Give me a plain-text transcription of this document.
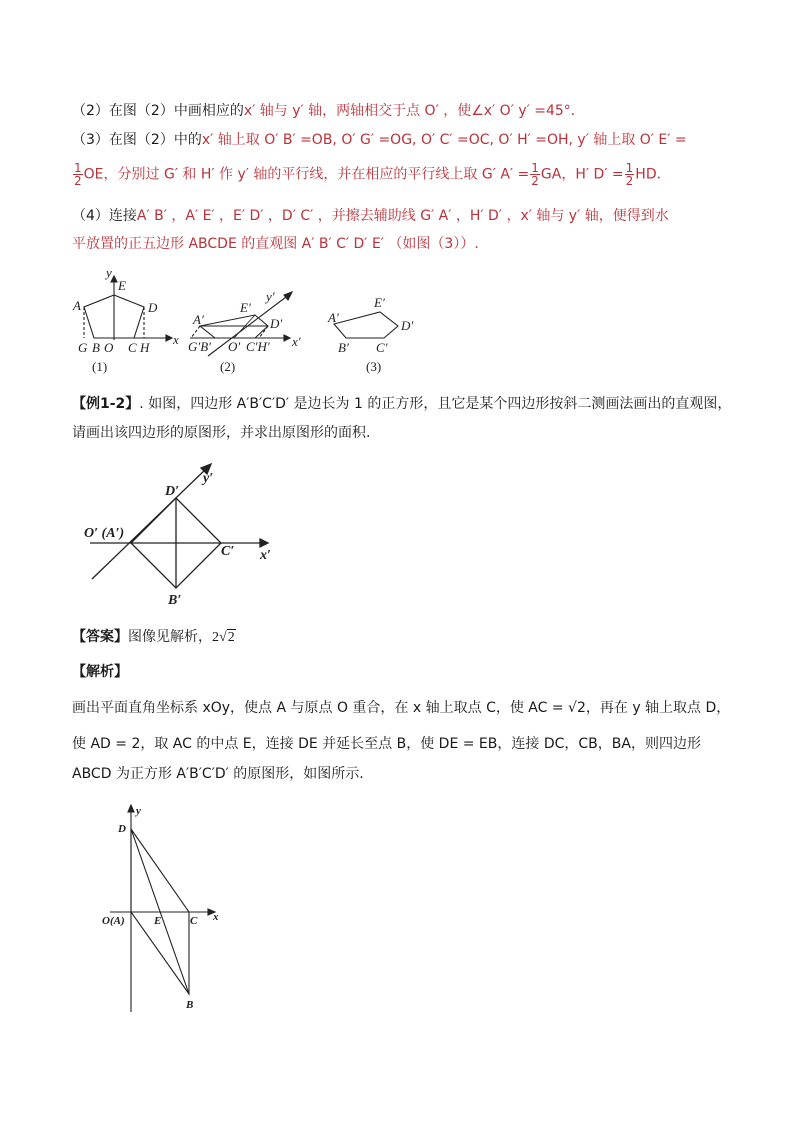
（2）在图（2）中画相应的x′ 轴与 y′ 轴，两轴相交于点 O′ ，使∠x′ O′ y′ =45°．
（3）在图（2）中的x′ 轴上取 O′ B′ =OB, O′ G′ =OG, O′ C′ =OC, O′ H′ =OH, y′ 轴上取 O′ E′ =
$\frac{1}{2}$ OE，分别过 G′ 和 H′ 作 y′ 轴的平行线，并在相应的平行线上取 G′ $A' = \frac{1}{2}$ GA，H′ $D' = \frac{1}{2}$ HD．
（4）连接A′ B′ ，A′ E′ ，E′ D′ ，D′ C′ ，并擦去辅助线 G′ A′ ，H′ D′ ，x′ 轴与 y′ 轴，便得到水
平放置的正五边形 ABCDE 的直观图 A′ B′ C′ D′ E′ （如图（3））.
y
E
A	D
G B O C H
x
(1)	(2)	(3)
E′
y′
A′	D′
G′B′ O′ C′H′ x′
E′
A′
D′
B′ C′
【例1-2】. 如图，四边形 A′B′C′D′ 是边长为 1 的正方形，且它是某个四边形按斜二测画法画出的直观图，
请画出该四边形的原图形，并求出原图形的面积.
D′
y′
O′ (A′)
C′ x′
B′
【答案】图像见解析，2√2
【解析】
画出平面直角坐标系 xOy，使点 A 与原点 O 重合，在 x 轴上取点 C，使 AC = √2，再在 y 轴上取点 D，
使 AD = 2，取 AC 的中点 E，连接 DE 并延长至点 B，使 DE = EB，连接 DC，CB，BA，则四边形
ABCD 为正方形 A′B′C′D′ 的原图形，如图所示.
y
D
O(A)	E	C x
B
